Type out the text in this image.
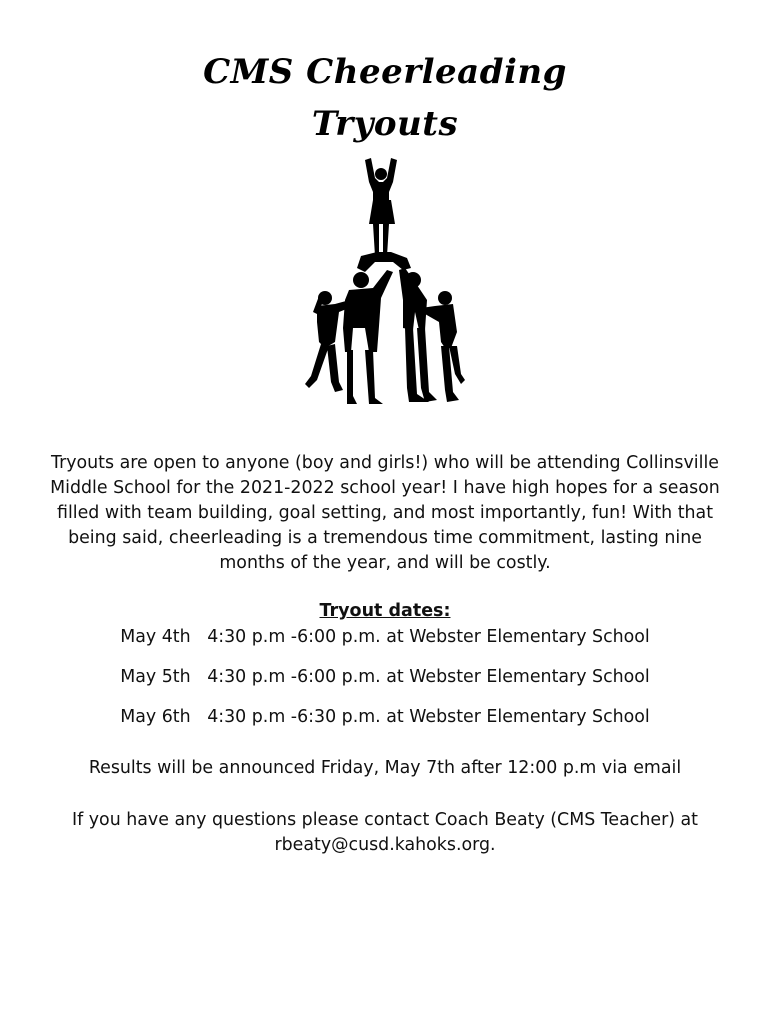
CMS Cheerleading
Tryouts
Tryouts are open to anyone (boy and girls!) who will be attending Collinsville Middle School for the 2021-2022 school year! I have high hopes for a season filled with team building, goal setting, and most importantly, fun! With that being said, cheerleading is a tremendous time commitment, lasting nine months of the year, and will be costly.
Tryout dates:
May 4th   4:30 p.m -6:00 p.m. at Webster Elementary School
May 5th   4:30 p.m -6:00 p.m. at Webster Elementary School
May 6th   4:30 p.m -6:30 p.m. at Webster Elementary School
Results will be announced Friday, May 7th after 12:00 p.m via email
If you have any questions please contact Coach Beaty (CMS Teacher) at rbeaty@cusd.kahoks.org.
